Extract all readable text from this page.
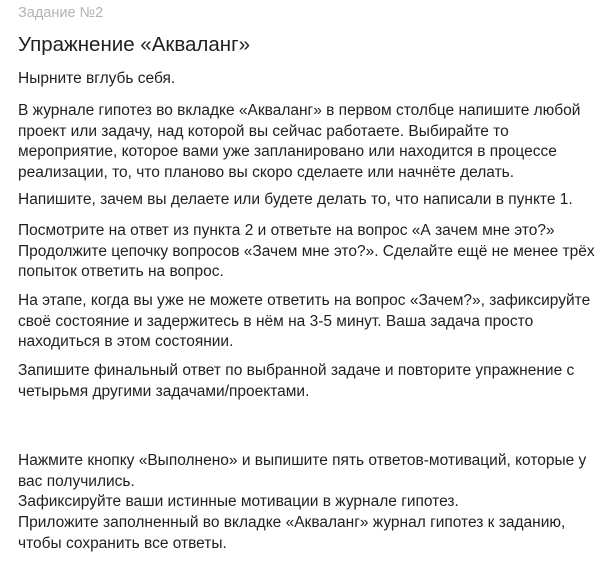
Задание №2
Упражнение «Акваланг»

Нырните вглубь себя.

В журнале гипотез во вкладке «Акваланг» в первом столбце напишите любой
проект или задачу, над которой вы сейчас работаете. Выбирайте то
мероприятие, которое вами уже запланировано или находится в процессе
реализации, то, что планово вы скоро сделаете или начнёте делать.

Напишите, зачем вы делаете или будете делать то, что написали в пункте 1.

Посмотрите на ответ из пункта 2 и ответьте на вопрос «А зачем мне это?»
Продолжите цепочку вопросов «Зачем мне это?». Сделайте ещё не менее трёх
попыток ответить на вопрос.

На этапе, когда вы уже не можете ответить на вопрос «Зачем?», зафиксируйте
своё состояние и задержитесь в нём на 3-5 минут. Ваша задача просто
находиться в этом состоянии.

Запишите финальный ответ по выбранной задаче и повторите упражнение с
четырьмя другими задачами/проектами.

Нажмите кнопку «Выполнено» и выпишите пять ответов-мотиваций, которые у
вас получились.
Зафиксируйте ваши истинные мотивации в журнале гипотез.
Приложите заполненный во вкладке «Акваланг» журнал гипотез к заданию,
чтобы сохранить все ответы.
